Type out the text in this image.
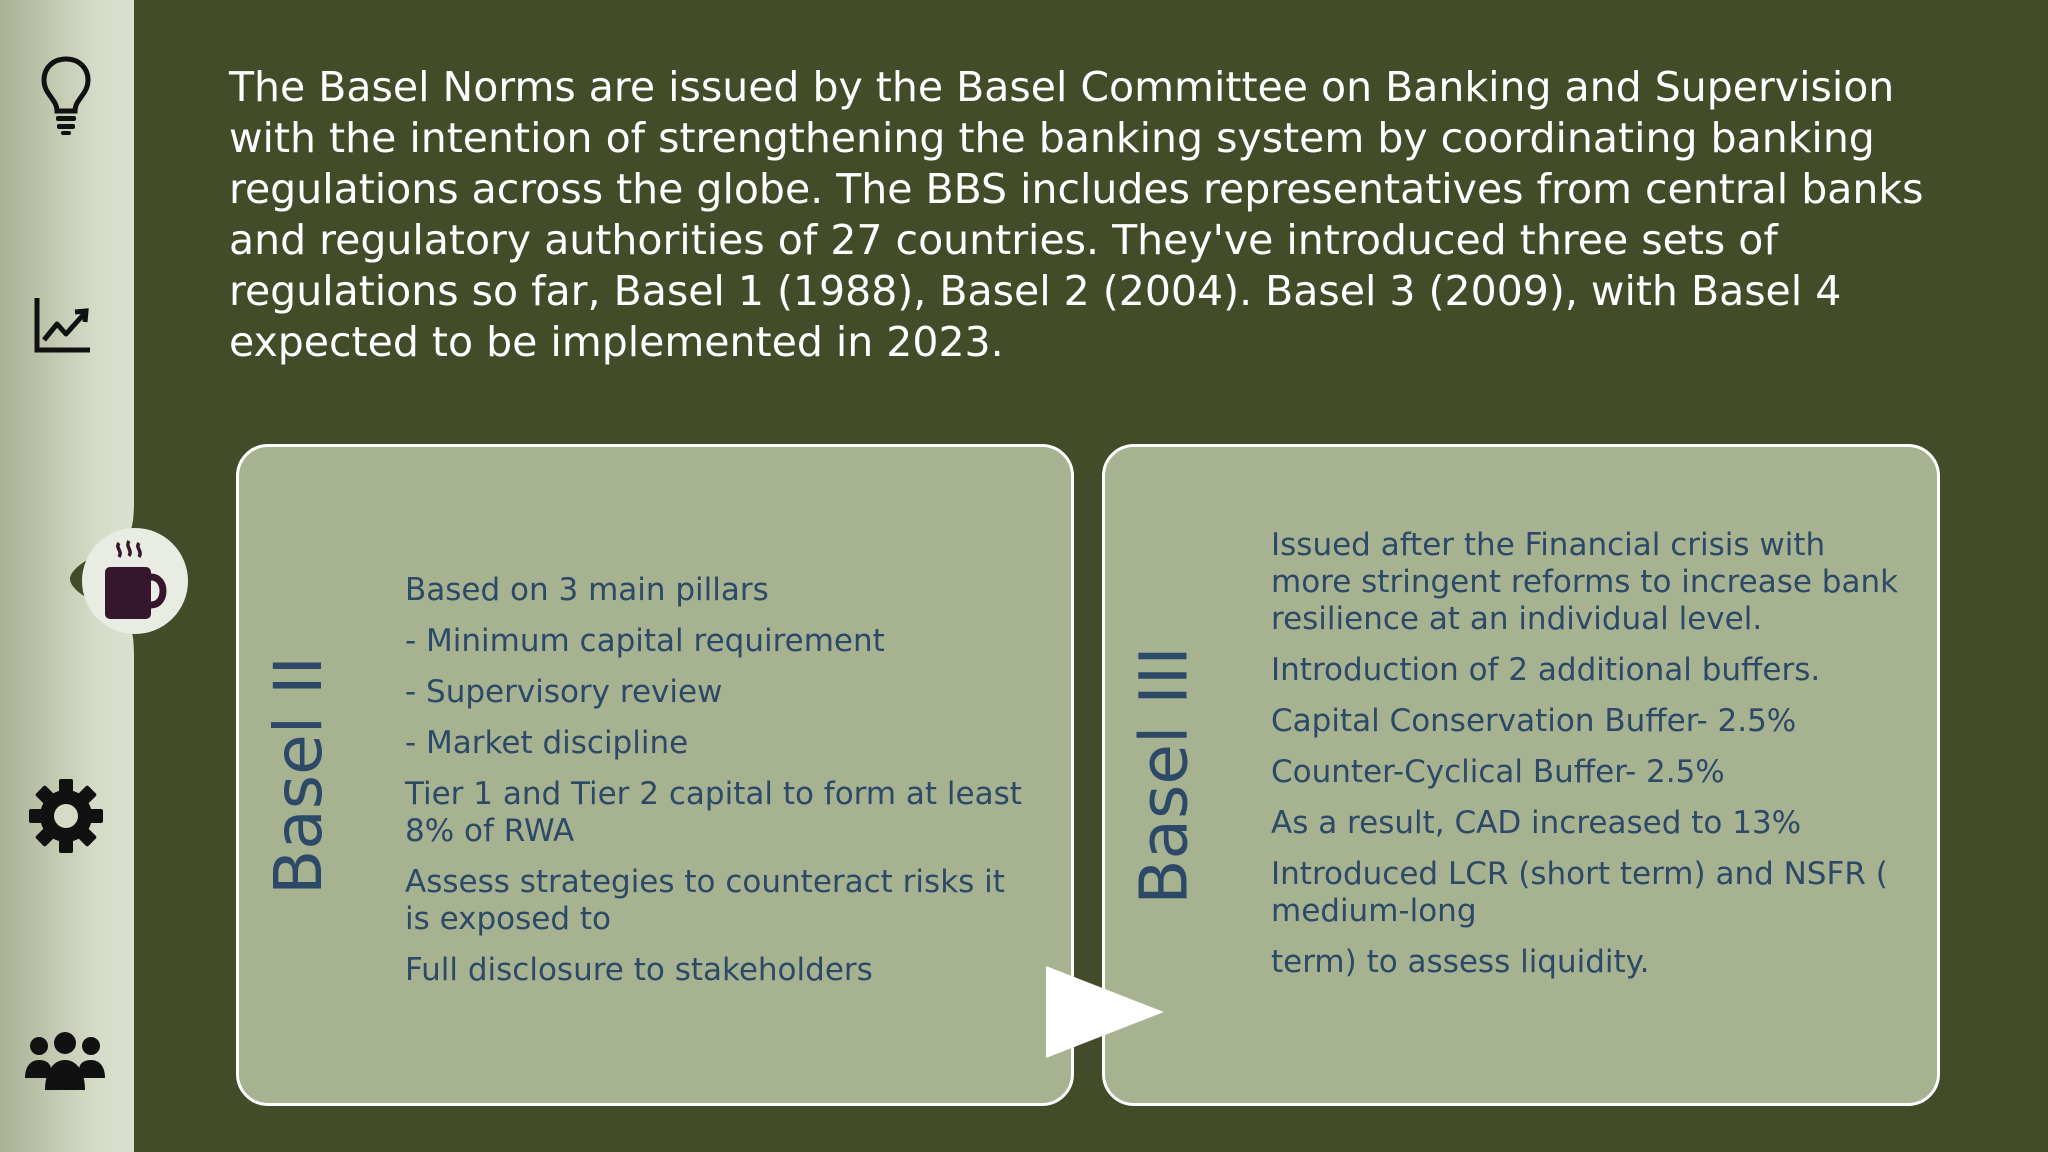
The Basel Norms are issued by the Basel Committee on Banking and Supervision with the intention of strengthening the banking system by coordinating banking regulations across the globe. The BBS includes representatives from central banks and regulatory authorities of 27 countries. They've introduced three sets of regulations so far, Basel 1 (1988), Basel 2 (2004). Basel 3 (2009), with Basel 4 expected to be implemented in 2023.

Basel II
Based on 3 main pillars
- Minimum capital requirement
- Supervisory review
- Market discipline
Tier 1 and Tier 2 capital to form at least 8% of RWA
Assess strategies to counteract risks it is exposed to
Full disclosure to stakeholders
Basel III
Issued after the Financial crisis with more stringent reforms to increase bank resilience at an individual level.
Introduction of 2 additional buffers.
Capital Conservation Buffer- 2.5%
Counter-Cyclical Buffer- 2.5%
As a result, CAD increased to 13%
Introduced LCR (short term) and NSFR ( medium-long
term) to assess liquidity.
